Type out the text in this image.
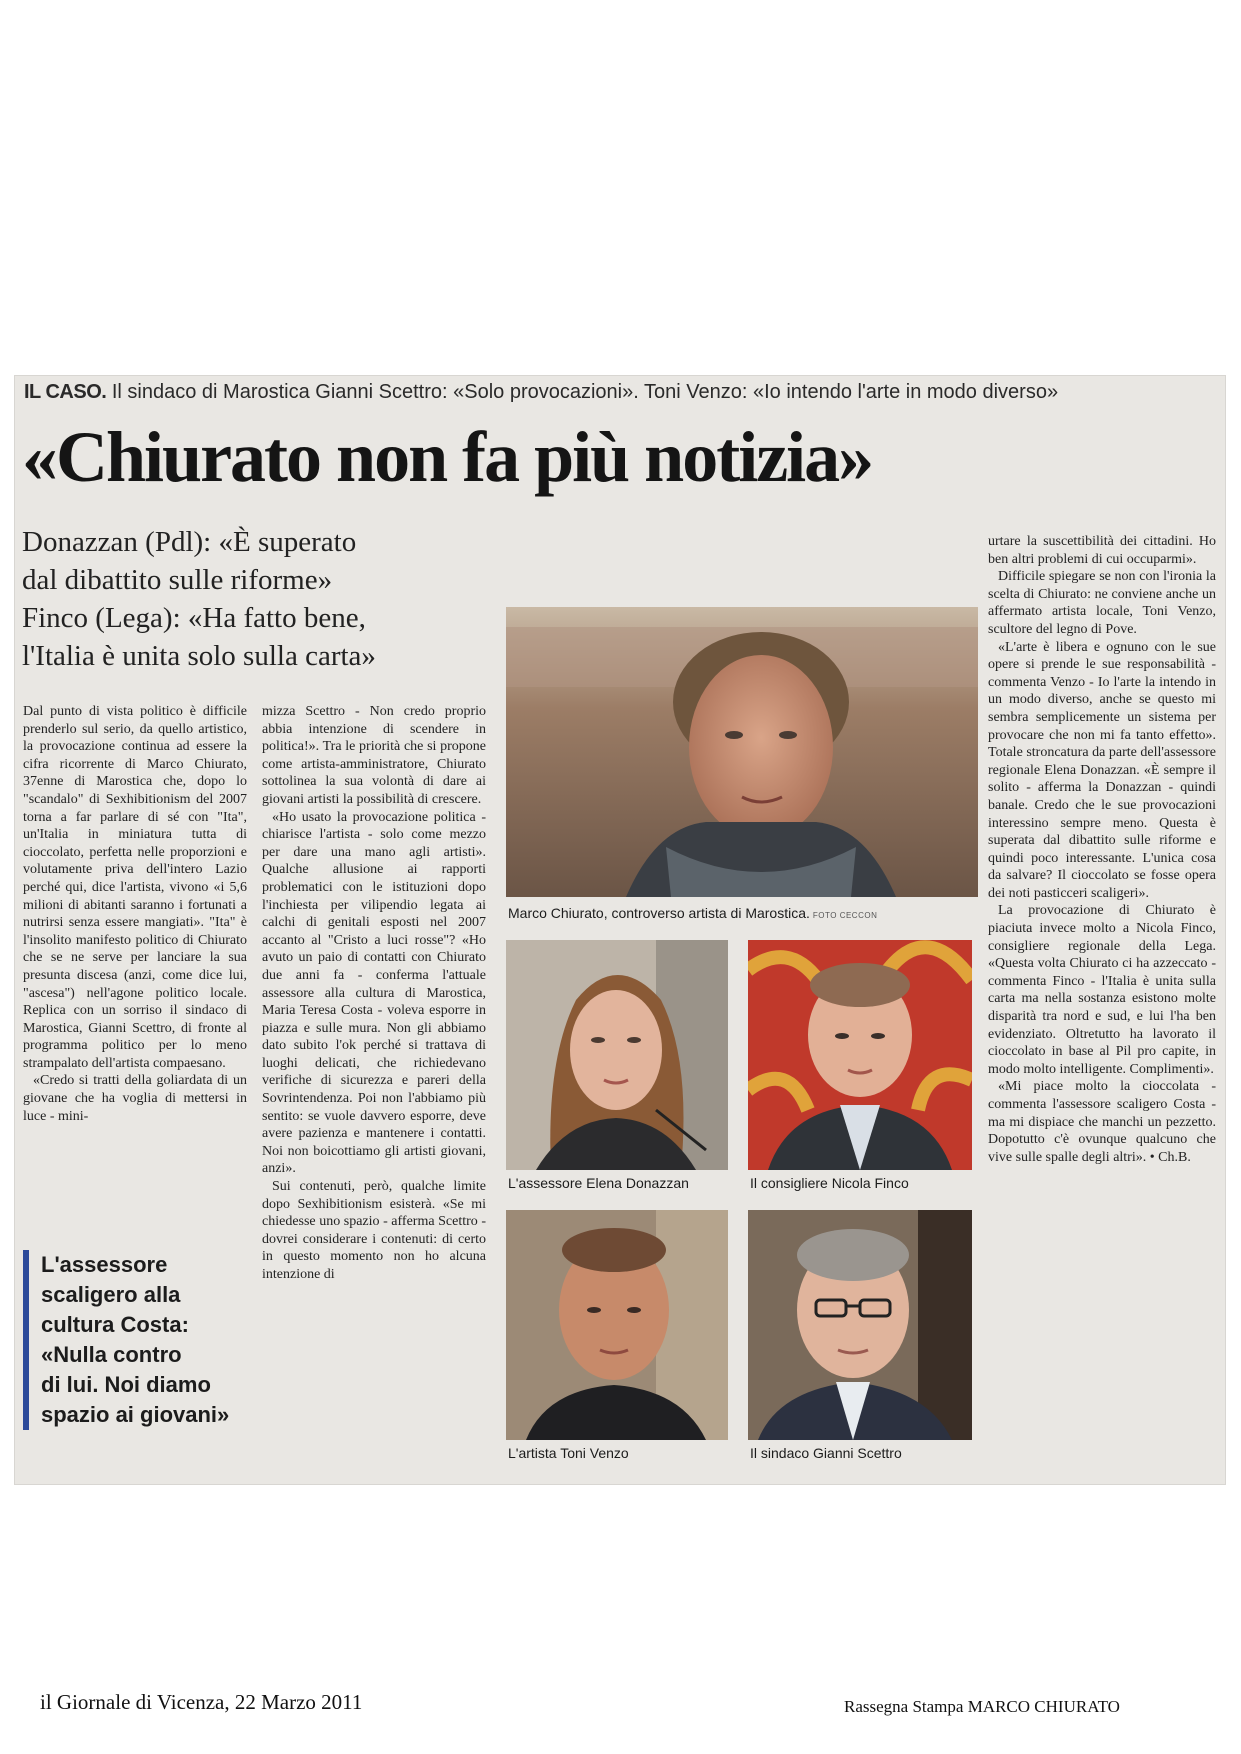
IL CASO. Il sindaco di Marostica Gianni Scettro: «Solo provocazioni». Toni Venzo: «Io intendo l'arte in modo diverso»
«Chiurato non fa più notizia»
Donazzan (Pdl): «È superato
dal dibattito sulle riforme»
Finco (Lega): «Ha fatto bene,
l'Italia è unita solo sulla carta»

Dal punto di vista politico è difficile prenderlo sul serio, da quello artistico, la provocazione continua ad essere la cifra ricorrente di Marco Chiurato, 37enne di Marostica che, dopo lo "scandalo" di Sexhibitionism del 2007 torna a far parlare di sé con "Ita", un'Italia in miniatura tutta di cioccolato, perfetta nelle proporzioni e volutamente priva dell'intero Lazio perché qui, dice l'artista, vivono «i 5,6 milioni di abitanti saranno i fortunati a nutrirsi senza essere mangiati». "Ita" è l'insolito manifesto politico di Chiurato che se ne serve per lanciare la sua presunta discesa (anzi, come dice lui, "ascesa") nell'agone politico locale. Replica con un sorriso il sindaco di Marostica, Gianni Scettro, di fronte al programma politico per lo meno strampalato dell'artista compaesano.

«Credo si tratti della goliardata di un giovane che ha voglia di mettersi in luce - mini-

L'assessore
scaligero alla
cultura Costa:
«Nulla contro
di lui. Noi diamo
spazio ai giovani»

mizza Scettro - Non credo proprio abbia intenzione di scendere in politica!». Tra le priorità che si propone come artista-amministratore, Chiurato sottolinea la sua volontà di dare ai giovani artisti la possibilità di crescere.

«Ho usato la provocazione politica - chiarisce l'artista - solo come mezzo per dare una mano agli artisti». Qualche allusione ai rapporti problematici con le istituzioni dopo l'inchiesta per vilipendio legata ai calchi di genitali esposti nel 2007 accanto al "Cristo a luci rosse"? «Ho avuto un paio di contatti con Chiurato due anni fa - conferma l'attuale assessore alla cultura di Marostica, Maria Teresa Costa - voleva esporre in piazza e sulle mura. Non gli abbiamo dato subito l'ok perché si trattava di luoghi delicati, che richiedevano verifiche di sicurezza e pareri della Sovrintendenza. Poi non l'abbiamo più sentito: se vuole davvero esporre, deve avere pazienza e mantenere i contatti. Noi non boicottiamo gli artisti giovani, anzi».

Sui contenuti, però, qualche limite dopo Sexhibitionism esisterà. «Se mi chiedesse uno spazio - afferma Scettro - dovrei considerare i contenuti: di certo in questo momento non ho alcuna intenzione di

Marco Chiurato, controverso artista di Marostica. FOTO CECCON
L'assessore Elena Donazzan	Il consigliere Nicola Finco
L'artista Toni Venzo	Il sindaco Gianni Scettro

urtare la suscettibilità dei cittadini. Ho ben altri problemi di cui occuparmi».

Difficile spiegare se non con l'ironia la scelta di Chiurato: ne conviene anche un affermato artista locale, Toni Venzo, scultore del legno di Pove.

«L'arte è libera e ognuno con le sue opere si prende le sue responsabilità - commenta Venzo - Io l'arte la intendo in un modo diverso, anche se questo mi sembra semplicemente un sistema per provocare che non mi fa tanto effetto». Totale stroncatura da parte dell'assessore regionale Elena Donazzan. «È sempre il solito - afferma la Donazzan - quindi banale. Credo che le sue provocazioni interessino sempre meno. Questa è superata dal dibattito sulle riforme e quindi poco interessante. L'unica cosa da salvare? Il cioccolato se fosse opera dei noti pasticceri scaligeri».

La provocazione di Chiurato è piaciuta invece molto a Nicola Finco, consigliere regionale della Lega. «Questa volta Chiurato ci ha azzeccato - commenta Finco - l'Italia è unita sulla carta ma nella sostanza esistono molte disparità tra nord e sud, e lui l'ha ben evidenziato. Oltretutto ha lavorato il cioccolato in base al Pil pro capite, in modo molto intelligente. Complimenti».

«Mi piace molto la cioccolata - commenta l'assessore scaligero Costa - ma mi dispiace che manchi un pezzetto. Dopotutto c'è ovunque qualcuno che vive sulle spalle degli altri». • Ch.B.

il Giornale di Vicenza, 22 Marzo 2011	Rassegna Stampa MARCO CHIURATO
